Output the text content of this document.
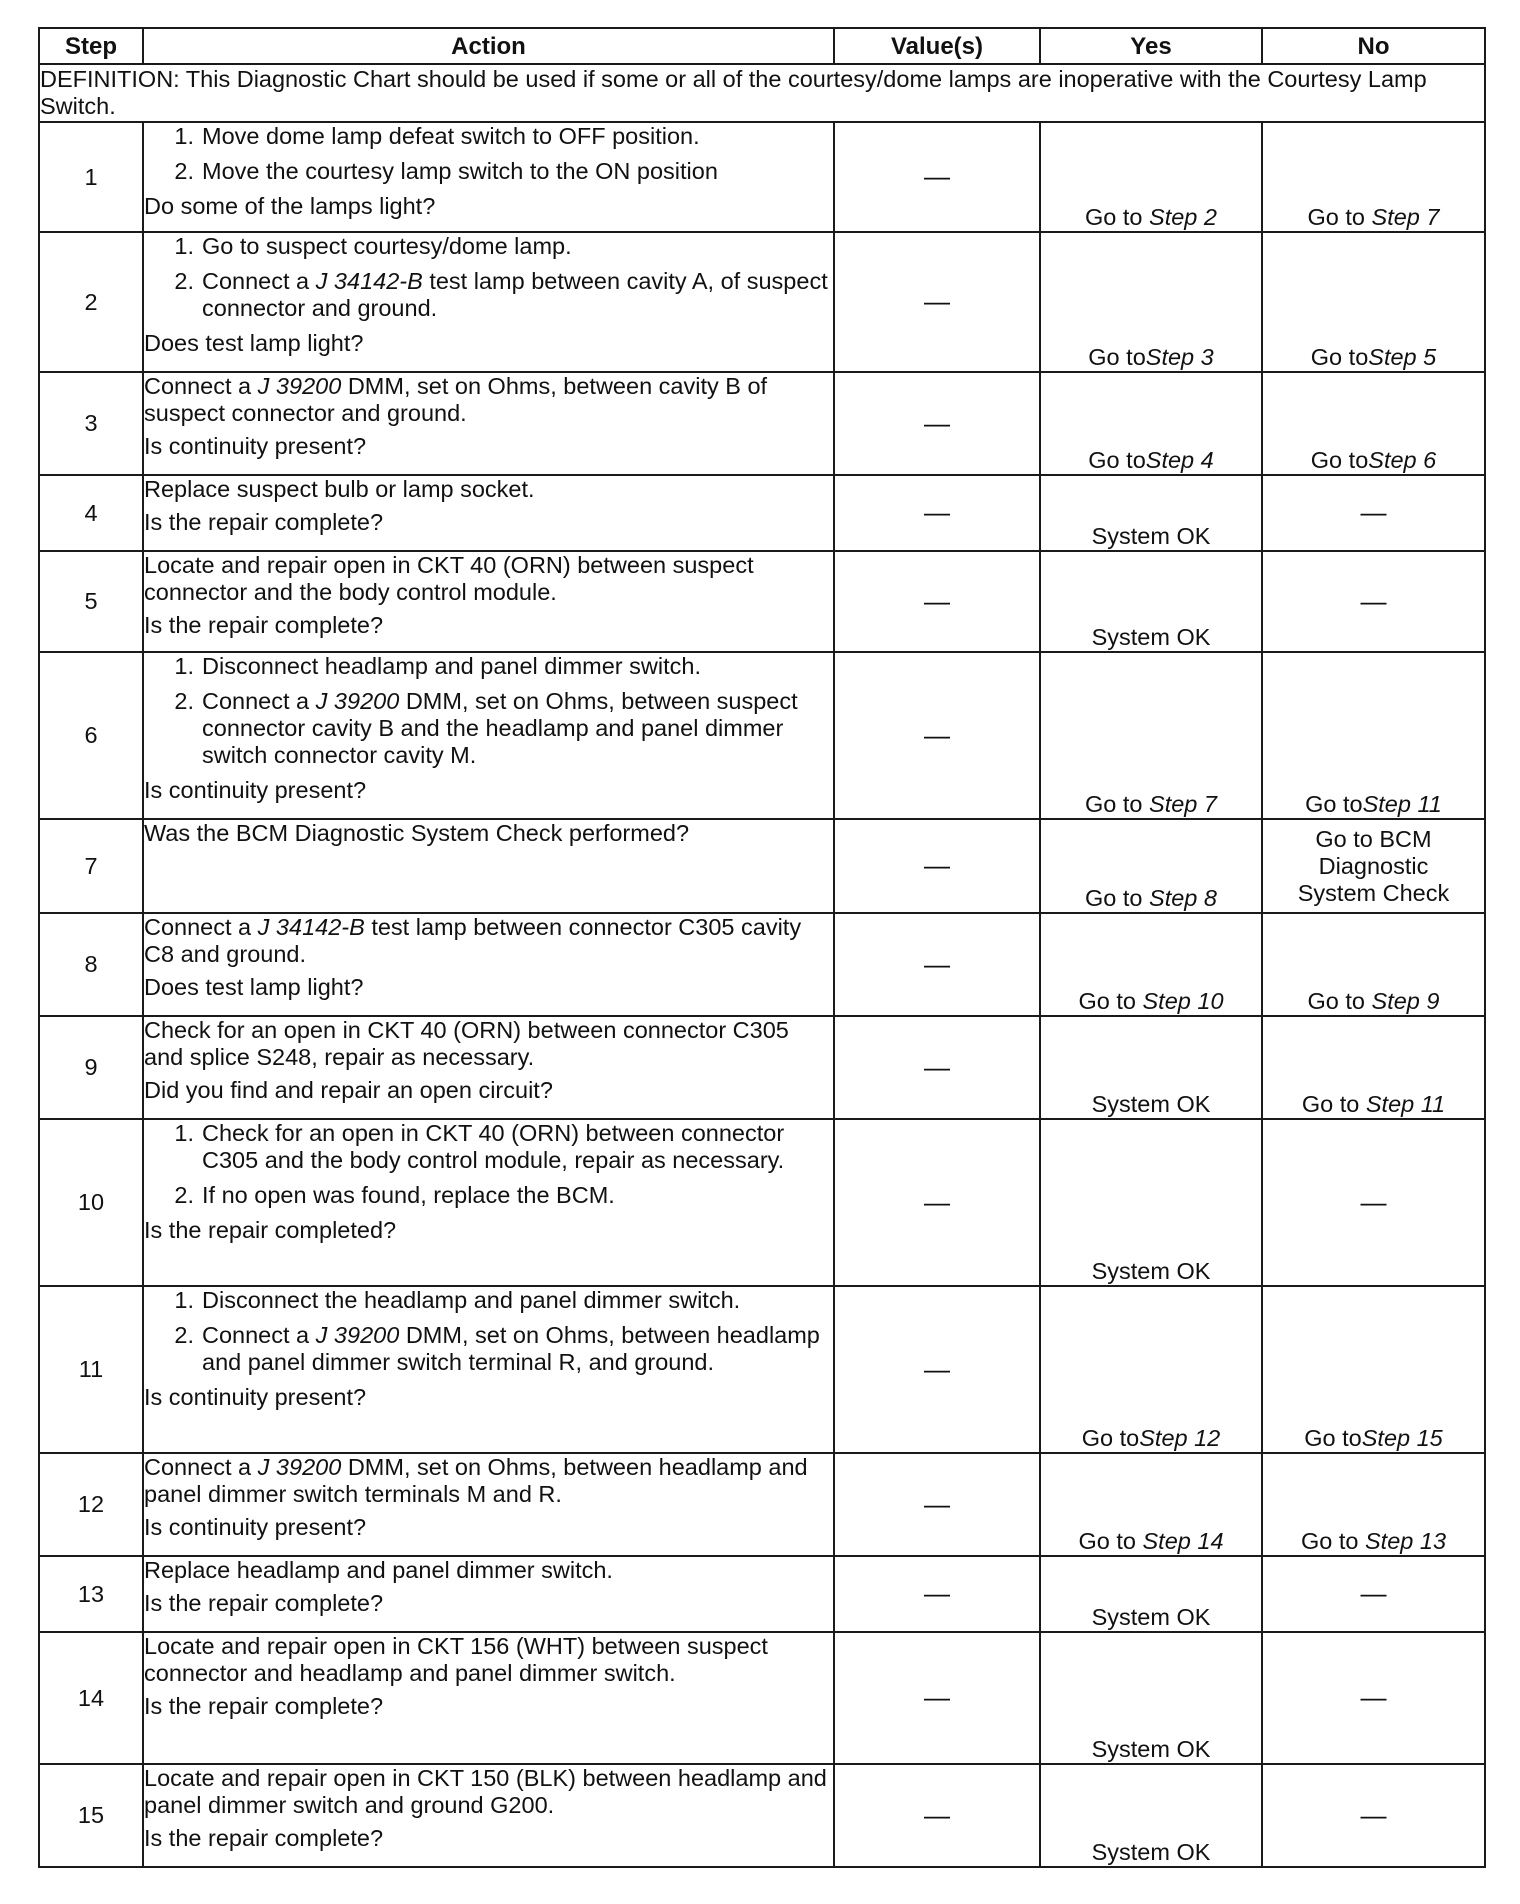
Step	Action	Value(s)	Yes	No
DEFINITION: This Diagnostic Chart should be used if some or all of the courtesy/dome lamps are inoperative with the Courtesy Lamp Switch.				
1	1. Move dome lamp defeat switch to OFF position.
2. Move the courtesy lamp switch to the ON position
Do some of the lamps light?	—	Go to Step 2	Go to Step 7
2	1. Go to suspect courtesy/dome lamp.
2. Connect a J 34142-B test lamp between cavity A, of suspect connector and ground.
Does test lamp light?	—	Go toStep 3	Go toStep 5
3	Connect a J 39200 DMM, set on Ohms, between cavity B of suspect connector and ground.
Is continuity present?	—	Go toStep 4	Go toStep 6
4	Replace suspect bulb or lamp socket.
Is the repair complete?	—	System OK	—
5	Locate and repair open in CKT 40 (ORN) between suspect connector and the body control module.
Is the repair complete?	—	System OK	—
6	1. Disconnect headlamp and panel dimmer switch.
2. Connect a J 39200 DMM, set on Ohms, between suspect connector cavity B and the headlamp and panel dimmer switch connector cavity M.
Is continuity present?	—	Go to Step 7	Go toStep 11
7	Was the BCM Diagnostic System Check performed?	—	Go to Step 8	Go to BCM
Diagnostic
System Check

8	Connect a J 34142-B test lamp between connector C305 cavity C8 and ground.
Does test lamp light?	—	Go to Step 10	Go to Step 9
9	Check for an open in CKT 40 (ORN) between connector C305 and splice S248, repair as necessary.
Did you find and repair an open circuit?	—	System OK	Go to Step 11
10	1. Check for an open in CKT 40 (ORN) between connector C305 and the body control module, repair as necessary.
2. If no open was found, replace the BCM.
Is the repair completed?	—	System OK	—
11	1. Disconnect the headlamp and panel dimmer switch.
2. Connect a J 39200 DMM, set on Ohms, between headlamp and panel dimmer switch terminal R, and ground.
Is continuity present?	—	Go toStep 12	Go toStep 15
12	Connect a J 39200 DMM, set on Ohms, between headlamp and panel dimmer switch terminals M and R.
Is continuity present?	—	Go to Step 14	Go to Step 13
13	Replace headlamp and panel dimmer switch.
Is the repair complete?	—	System OK	—
14	Locate and repair open in CKT 156 (WHT) between suspect connector and headlamp and panel dimmer switch.
Is the repair complete?	—	System OK	—
15	Locate and repair open in CKT 150 (BLK) between headlamp and panel dimmer switch and ground G200.
Is the repair complete?	—	System OK	—
